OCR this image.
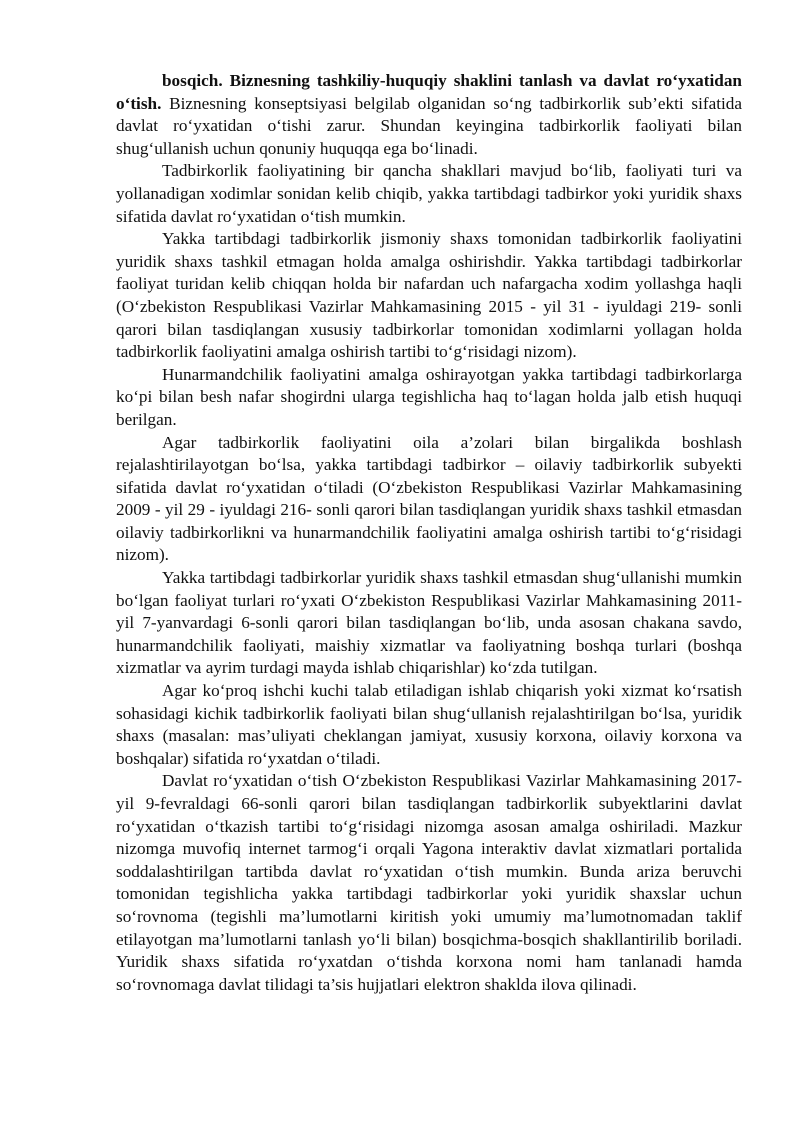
bosqich. Biznesning tashkiliy-huquqiy shaklini tanlash va davlat ro‘yxatidan o‘tish. Biznesning konseptsiyasi belgilab olganidan so‘ng tadbirkorlik sub’ekti sifatida davlat ro‘yxatidan o‘tishi zarur. Shundan keyingina tadbirkorlik faoliyati bilan shug‘ullanish uchun qonuniy huquqqa ega bo‘linadi.

Tadbirkorlik faoliyatining bir qancha shakllari mavjud bo‘lib, faoliyati turi va yollanadigan xodimlar sonidan kelib chiqib, yakka tartibdagi tadbirkor yoki yuridik shaxs sifatida davlat ro‘yxatidan o‘tish mumkin.

Yakka tartibdagi tadbirkorlik jismoniy shaxs tomonidan tadbirkorlik faoliyatini yuridik shaxs tashkil etmagan holda amalga oshirishdir. Yakka tartibdagi tadbirkorlar faoliyat turidan kelib chiqqan holda bir nafardan uch nafargacha xodim yollashga haqli (O‘zbekiston Respublikasi Vazirlar Mahkamasining 2015 - yil 31 - iyuldagi 219- sonli qarori bilan tasdiqlangan xususiy tadbirkorlar tomonidan xodimlarni yollagan holda tadbirkorlik faoliyatini amalga oshirish tartibi to‘g‘risidagi nizom).

Hunarmandchilik faoliyatini amalga oshirayotgan yakka tartibdagi tadbirkorlarga ko‘pi bilan besh nafar shogirdni ularga tegishlicha haq to‘lagan holda jalb etish huquqi berilgan.

Agar tadbirkorlik faoliyatini oila a’zolari bilan birgalikda boshlash rejalashtirilayotgan bo‘lsa, yakka tartibdagi tadbirkor – oilaviy tadbirkorlik subyekti sifatida davlat ro‘yxatidan o‘tiladi (O‘zbekiston Respublikasi Vazirlar Mahkamasining 2009 - yil 29 - iyuldagi 216- sonli qarori bilan tasdiqlangan yuridik shaxs tashkil etmasdan oilaviy tadbirkorlikni va hunarmandchilik faoliyatini amalga oshirish tartibi to‘g‘risidagi nizom).

Yakka tartibdagi tadbirkorlar yuridik shaxs tashkil etmasdan shug‘ullanishi mumkin bo‘lgan faoliyat turlari ro‘yxati O‘zbekiston Respublikasi Vazirlar Mahkamasining 2011-yil 7-yanvardagi 6-sonli qarori bilan tasdiqlangan bo‘lib, unda asosan chakana savdo, hunarmandchilik faoliyati, maishiy xizmatlar va faoliyatning boshqa turlari (boshqa xizmatlar va ayrim turdagi mayda ishlab chiqarishlar) ko‘zda tutilgan.

Agar ko‘proq ishchi kuchi talab etiladigan ishlab chiqarish yoki xizmat ko‘rsatish sohasidagi kichik tadbirkorlik faoliyati bilan shug‘ullanish rejalashtirilgan bo‘lsa, yuridik shaxs (masalan: mas’uliyati cheklangan jamiyat, xususiy korxona, oilaviy korxona va boshqalar) sifatida ro‘yxatdan o‘tiladi.

Davlat ro‘yxatidan o‘tish O‘zbekiston Respublikasi Vazirlar Mahkamasining 2017-yil 9-fevraldagi 66-sonli qarori bilan tasdiqlangan tadbirkorlik subyektlarini davlat ro‘yxatidan o‘tkazish tartibi to‘g‘risidagi nizomga asosan amalga oshiriladi. Mazkur nizomga muvofiq internet tarmog‘i orqali Yagona interaktiv davlat xizmatlari portalida soddalashtirilgan tartibda davlat ro‘yxatidan o‘tish mumkin. Bunda ariza beruvchi tomonidan tegishlicha yakka tartibdagi tadbirkorlar yoki yuridik shaxslar uchun so‘rovnoma (tegishli ma’lumotlarni kiritish yoki umumiy ma’lumotnomadan taklif etilayotgan ma’lumotlarni tanlash yo‘li bilan) bosqichma-bosqich shakllantirilib boriladi. Yuridik shaxs sifatida ro‘yxatdan o‘tishda korxona nomi ham tanlanadi hamda so‘rovnomaga davlat tilidagi ta’sis hujjatlari elektron shaklda ilova qilinadi.
